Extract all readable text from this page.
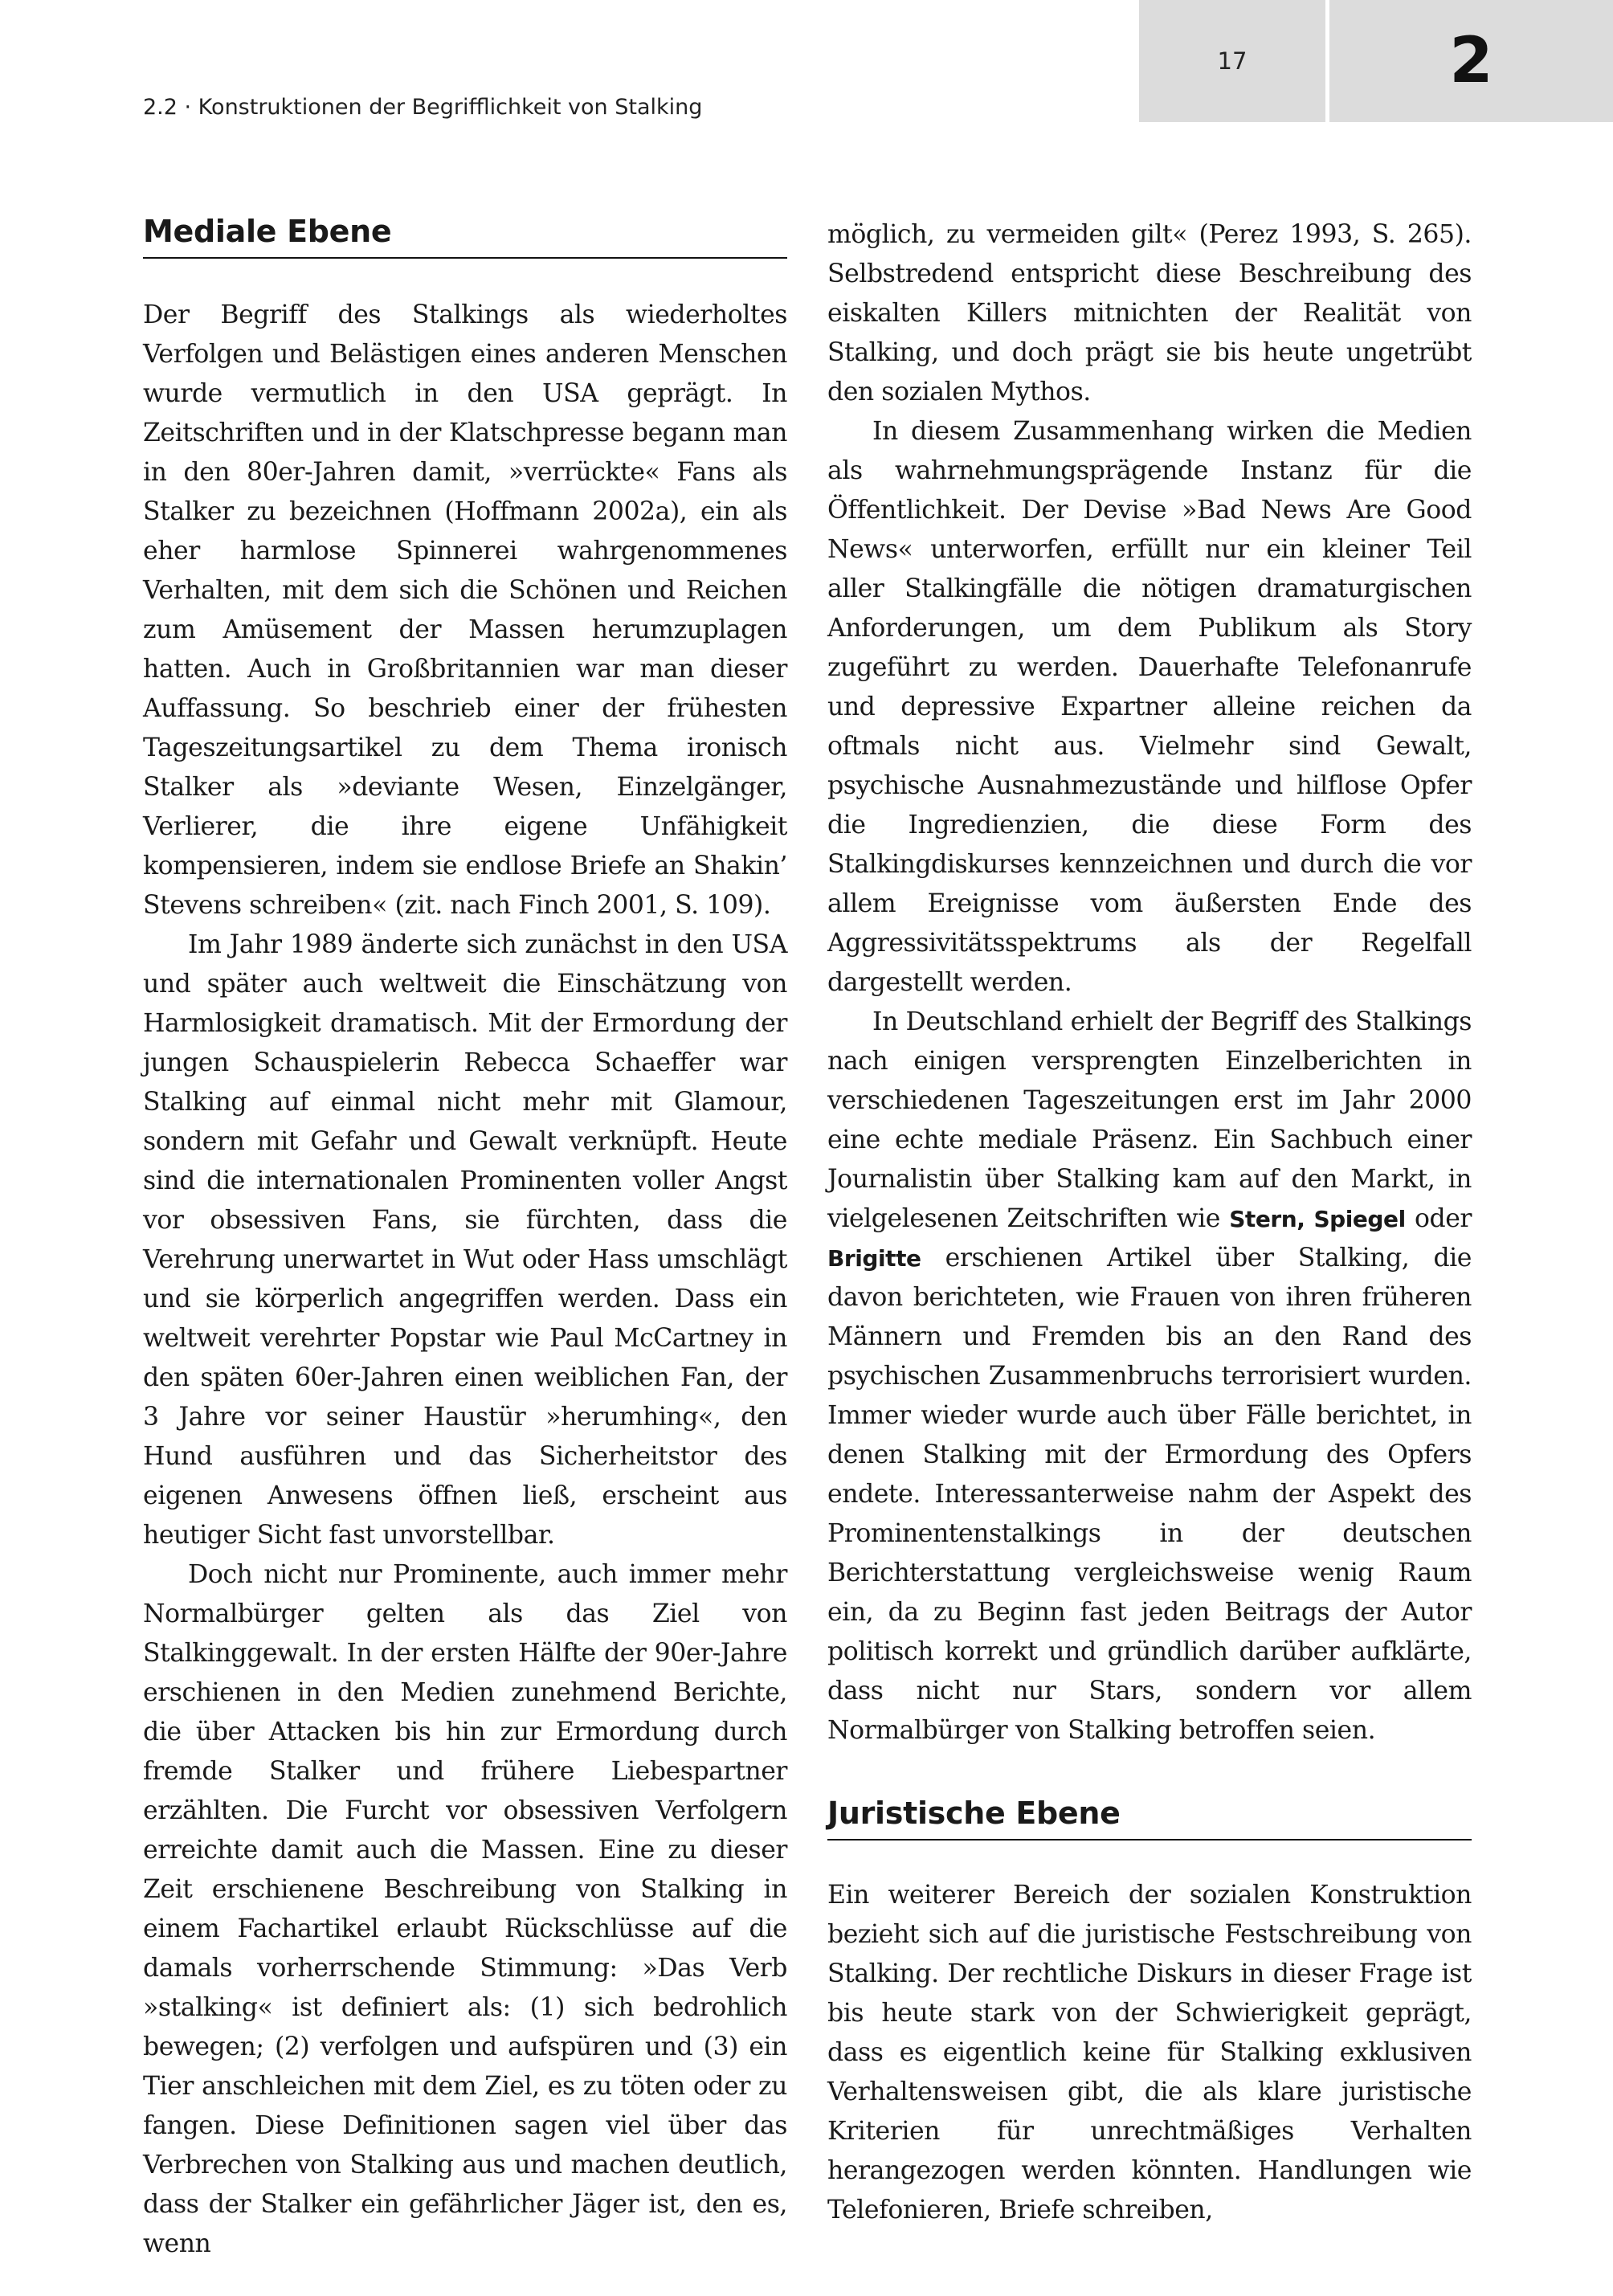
2.2 · Konstruktionen der Begrifflichkeit von Stalking
17	2
Mediale Ebene

Der Begriff des Stalkings als wiederholtes Verfolgen und Belästigen eines anderen Menschen wurde vermutlich in den USA geprägt. In Zeitschriften und in der Klatschpresse begann man in den 80er-Jahren damit, »verrückte« Fans als Stalker zu bezeichnen (Hoffmann 2002a), ein als eher harmlose Spinnerei wahrgenommenes Verhalten, mit dem sich die Schönen und Reichen zum Amüsement der Massen herumzuplagen hatten. Auch in Großbritannien war man dieser Auffassung. So beschrieb einer der frühesten Tageszeitungsartikel zu dem Thema ironisch Stalker als »deviante Wesen, Einzelgänger, Verlierer, die ihre eigene Unfähigkeit kompensieren, indem sie endlose Briefe an Shakin’ Stevens schreiben« (zit. nach Finch 2001, S. 109).

Im Jahr 1989 änderte sich zunächst in den USA und später auch weltweit die Einschätzung von Harmlosigkeit dramatisch. Mit der Ermordung der jungen Schauspielerin Rebecca Schaeffer war Stalking auf einmal nicht mehr mit Glamour, sondern mit Gefahr und Gewalt verknüpft. Heute sind die internationalen Prominenten voller Angst vor obsessiven Fans, sie fürchten, dass die Verehrung unerwartet in Wut oder Hass umschlägt und sie körperlich angegriffen werden. Dass ein weltweit verehrter Popstar wie Paul McCartney in den späten 60er-Jahren einen weiblichen Fan, der 3 Jahre vor seiner Haustür »herumhing«, den Hund ausführen und das Sicherheitstor des eigenen Anwesens öffnen ließ, erscheint aus heutiger Sicht fast unvorstellbar.

Doch nicht nur Prominente, auch immer mehr Normalbürger gelten als das Ziel von Stalkinggewalt. In der ersten Hälfte der 90er-Jahre erschienen in den Medien zunehmend Berichte, die über Attacken bis hin zur Ermordung durch fremde Stalker und frühere Liebespartner erzählten. Die Furcht vor obsessiven Verfolgern erreichte damit auch die Massen. Eine zu dieser Zeit erschienene Beschreibung von Stalking in einem Fachartikel erlaubt Rückschlüsse auf die damals vorherrschende Stimmung: »Das Verb »stalking« ist definiert als: (1) sich bedrohlich bewegen; (2) verfolgen und aufspüren und (3) ein Tier anschleichen mit dem Ziel, es zu töten oder zu fangen. Diese Definitionen sagen viel über das Verbrechen von Stalking aus und machen deutlich, dass der Stalker ein gefährlicher Jäger ist, den es, wenn

möglich, zu vermeiden gilt« (Perez 1993, S. 265). Selbstredend entspricht diese Beschreibung des eiskalten Killers mitnichten der Realität von Stalking, und doch prägt sie bis heute ungetrübt den sozialen Mythos.

In diesem Zusammenhang wirken die Medien als wahrnehmungsprägende Instanz für die Öffentlichkeit. Der Devise »Bad News Are Good News« unterworfen, erfüllt nur ein kleiner Teil aller Stalkingfälle die nötigen dramaturgischen Anforderungen, um dem Publikum als Story zugeführt zu werden. Dauerhafte Telefonanrufe und depressive Expartner alleine reichen da oftmals nicht aus. Vielmehr sind Gewalt, psychische Ausnahmezustände und hilflose Opfer die Ingredienzien, die diese Form des Stalkingdiskurses kennzeichnen und durch die vor allem Ereignisse vom äußersten Ende des Aggressivitätsspektrums als der Regelfall dargestellt werden.

In Deutschland erhielt der Begriff des Stalkings nach einigen versprengten Einzelberichten in verschiedenen Tageszeitungen erst im Jahr 2000 eine echte mediale Präsenz. Ein Sachbuch einer Journalistin über Stalking kam auf den Markt, in vielgelesenen Zeitschriften wie Stern, Spiegel oder Brigitte erschienen Artikel über Stalking, die davon berichteten, wie Frauen von ihren früheren Männern und Fremden bis an den Rand des psychischen Zusammenbruchs terrorisiert wurden. Immer wieder wurde auch über Fälle berichtet, in denen Stalking mit der Ermordung des Opfers endete. Interessanterweise nahm der Aspekt des Prominentenstalkings in der deutschen Berichterstattung vergleichsweise wenig Raum ein, da zu Beginn fast jeden Beitrags der Autor politisch korrekt und gründlich darüber aufklärte, dass nicht nur Stars, sondern vor allem Normalbürger von Stalking betroffen seien.

Juristische Ebene

Ein weiterer Bereich der sozialen Konstruktion bezieht sich auf die juristische Festschreibung von Stalking. Der rechtliche Diskurs in dieser Frage ist bis heute stark von der Schwierigkeit geprägt, dass es eigentlich keine für Stalking exklusiven Verhaltensweisen gibt, die als klare juristische Kriterien für unrechtmäßiges Verhalten herangezogen werden könnten. Handlungen wie Telefonieren, Briefe schreiben,
